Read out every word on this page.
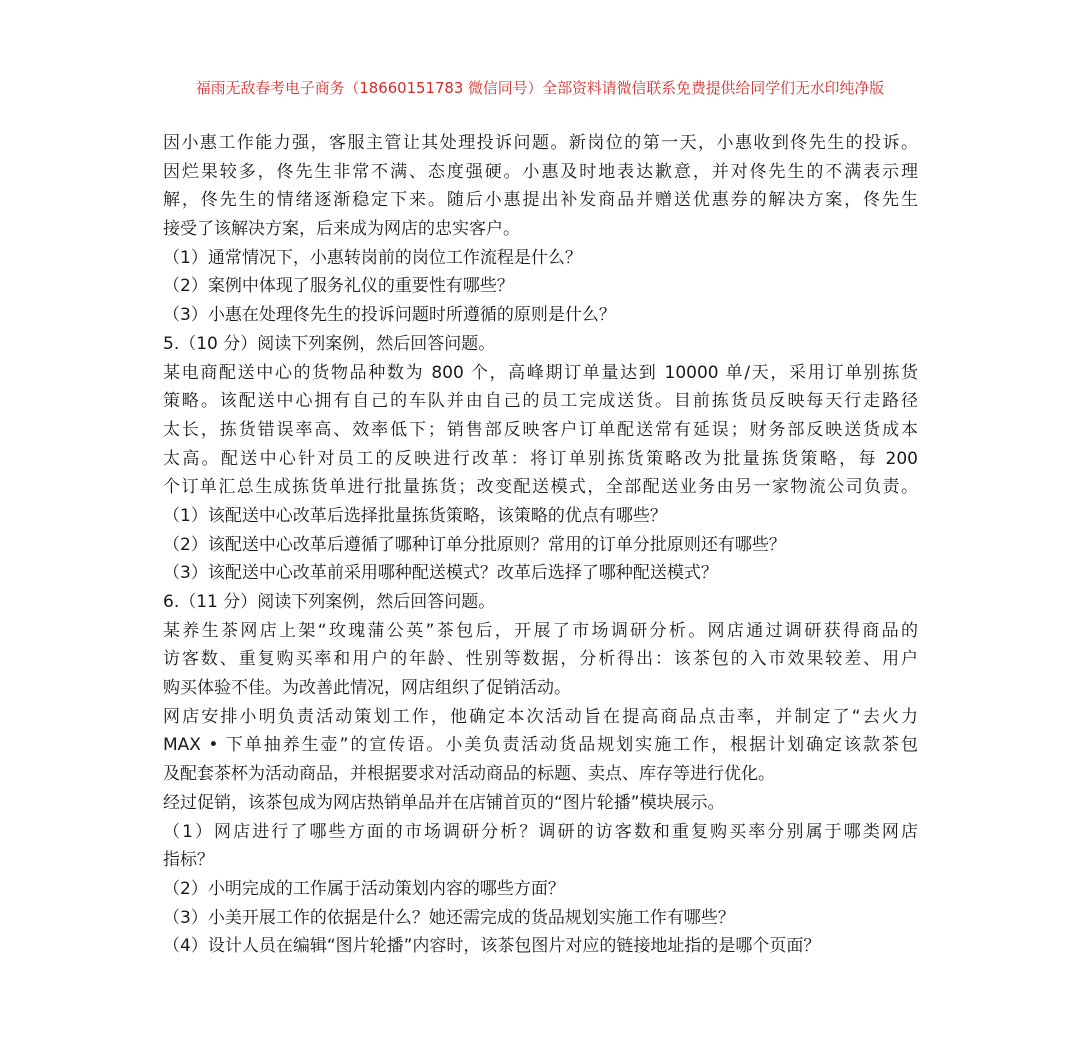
福雨无敌春考电子商务（18660151783 微信同号）全部资料请微信联系免费提供给同学们无水印纯净版
因小惠工作能力强，客服主管让其处理投诉问题。新岗位的第一天，小惠收到佟先生的投诉。
因烂果较多，佟先生非常不满、态度强硬。小惠及时地表达歉意，并对佟先生的不满表示理
解，佟先生的情绪逐渐稳定下来。随后小惠提出补发商品并赠送优惠券的解决方案，佟先生
接受了该解决方案，后来成为网店的忠实客户。
（1）通常情况下，小惠转岗前的岗位工作流程是什么？
（2）案例中体现了服务礼仪的重要性有哪些？
（3）小惠在处理佟先生的投诉问题时所遵循的原则是什么？
5.（10 分）阅读下列案例，然后回答问题。
某电商配送中心的货物品种数为 800 个，高峰期订单量达到 10000 单/天，采用订单别拣货
策略。该配送中心拥有自己的车队并由自己的员工完成送货。目前拣货员反映每天行走路径
太长，拣货错误率高、效率低下；销售部反映客户订单配送常有延误；财务部反映送货成本
太高。配送中心针对员工的反映进行改革：将订单别拣货策略改为批量拣货策略，每 200
个订单汇总生成拣货单进行批量拣货；改变配送模式，全部配送业务由另一家物流公司负责。
（1）该配送中心改革后选择批量拣货策略，该策略的优点有哪些？
（2）该配送中心改革后遵循了哪种订单分批原则？常用的订单分批原则还有哪些？
（3）该配送中心改革前采用哪种配送模式？改革后选择了哪种配送模式？
6.（11 分）阅读下列案例，然后回答问题。
某养生茶网店上架“玫瑰蒲公英”茶包后，开展了市场调研分析。网店通过调研获得商品的
访客数、重复购买率和用户的年龄、性别等数据，分析得出：该茶包的入市效果较差、用户
购买体验不佳。为改善此情况，网店组织了促销活动。
网店安排小明负责活动策划工作，他确定本次活动旨在提高商品点击率，并制定了“去火力
MAX • 下单抽养生壶”的宣传语。小美负责活动货品规划实施工作，根据计划确定该款茶包
及配套茶杯为活动商品，并根据要求对活动商品的标题、卖点、库存等进行优化。
经过促销，该茶包成为网店热销单品并在店铺首页的“图片轮播”模块展示。
（1）网店进行了哪些方面的市场调研分析？调研的访客数和重复购买率分别属于哪类网店
指标？
（2）小明完成的工作属于活动策划内容的哪些方面？
（3）小美开展工作的依据是什么？她还需完成的货品规划实施工作有哪些？
（4）设计人员在编辑“图片轮播”内容时，该茶包图片对应的链接地址指的是哪个页面？
